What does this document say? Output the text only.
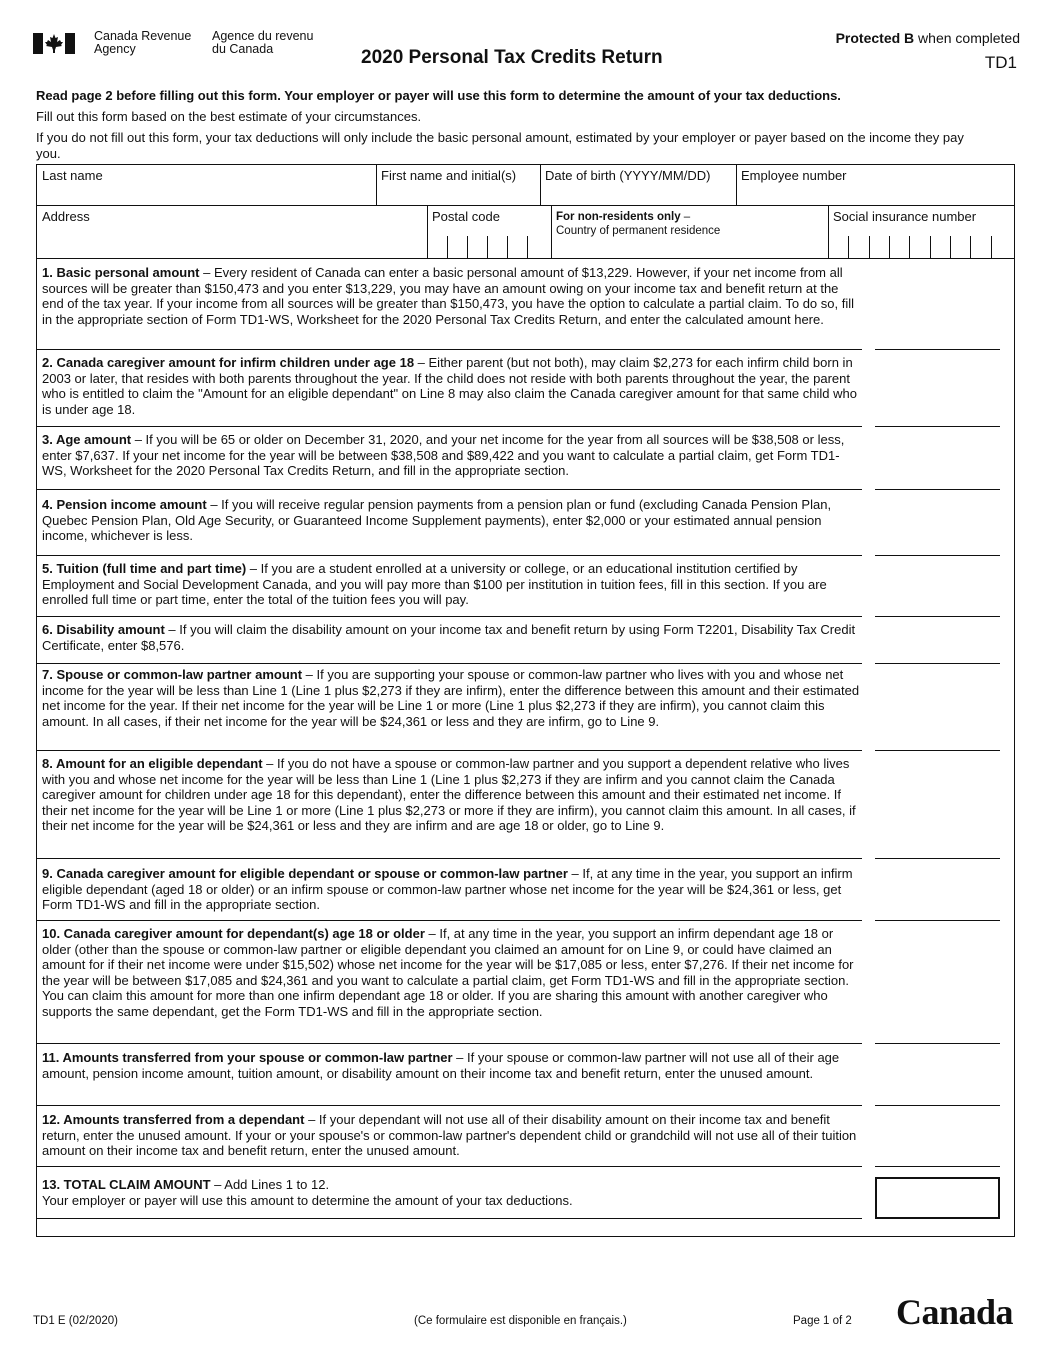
Canada Revenue
Agency
Agence du revenu
du Canada	2020 Personal Tax Credits Return
Protected B when completed
TD1
Read page 2 before filling out this form. Your employer or payer will use this form to determine the amount of your tax deductions.
Fill out this form based on the best estimate of your circumstances.
If you do not fill out this form, your tax deductions will only include the basic personal amount, estimated by your employer or payer based on the income they pay you.
Last name	First name and initial(s)	Date of birth (YYYY/MM/DD)	Employee number
Address	Postal code	For non-residents only –
Country of permanent residence
Social insurance number
1. Basic personal amount – Every resident of Canada can enter a basic personal amount of $13,229. However, if your net income from all sources will be greater than $150,473 and you enter $13,229, you may have an amount owing on your income tax and benefit return at the end of the tax year. If your income from all sources will be greater than $150,473, you have the option to calculate a partial claim. To do so, fill in the appropriate section of Form TD1-WS, Worksheet for the 2020 Personal Tax Credits Return, and enter the calculated amount here.
2. Canada caregiver amount for infirm children under age 18 – Either parent (but not both), may claim $2,273 for each infirm child born in 2003 or later, that resides with both parents throughout the year. If the child does not reside with both parents throughout the year, the parent who is entitled to claim the "Amount for an eligible dependant" on Line 8 may also claim the Canada caregiver amount for that same child who is under age 18.
3. Age amount – If you will be 65 or older on December 31, 2020, and your net income for the year from all sources will be $38,508 or less, enter $7,637. If your net income for the year will be between $38,508 and $89,422 and you want to calculate a partial claim, get Form TD1-WS, Worksheet for the 2020 Personal Tax Credits Return, and fill in the appropriate section.
4. Pension income amount – If you will receive regular pension payments from a pension plan or fund (excluding Canada Pension Plan, Quebec Pension Plan, Old Age Security, or Guaranteed Income Supplement payments), enter $2,000 or your estimated annual pension income, whichever is less.
5. Tuition (full time and part time) – If you are a student enrolled at a university or college, or an educational institution certified by Employment and Social Development Canada, and you will pay more than $100 per institution in tuition fees, fill in this section. If you are enrolled full time or part time, enter the total of the tuition fees you will pay.
6. Disability amount – If you will claim the disability amount on your income tax and benefit return by using Form T2201, Disability Tax Credit Certificate, enter $8,576.
7. Spouse or common-law partner amount – If you are supporting your spouse or common-law partner who lives with you and whose net income for the year will be less than Line 1 (Line 1 plus $2,273 if they are infirm), enter the difference between this amount and their estimated net income for the year. If their net income for the year will be Line 1 or more (Line 1 plus $2,273 if they are infirm), you cannot claim this amount. In all cases, if their net income for the year will be $24,361 or less and they are infirm, go to Line 9.
8. Amount for an eligible dependant – If you do not have a spouse or common-law partner and you support a dependent relative who lives with you and whose net income for the year will be less than Line 1 (Line 1 plus $2,273 if they are infirm and you cannot claim the Canada caregiver amount for children under age 18 for this dependant), enter the difference between this amount and their estimated net income. If their net income for the year will be Line 1 or more (Line 1 plus $2,273 or more if they are infirm), you cannot claim this amount. In all cases, if their net income for the year will be $24,361 or less and they are infirm and are age 18 or older, go to Line 9.
9. Canada caregiver amount for eligible dependant or spouse or common-law partner – If, at any time in the year, you support an infirm eligible dependant (aged 18 or older) or an infirm spouse or common-law partner whose net income for the year will be $24,361 or less, get Form TD1-WS and fill in the appropriate section.
10. Canada caregiver amount for dependant(s) age 18 or older – If, at any time in the year, you support an infirm dependant age 18 or older (other than the spouse or common-law partner or eligible dependant you claimed an amount for on Line 9, or could have claimed an amount for if their net income were under $15,502) whose net income for the year will be $17,085 or less, enter $7,276. If their net income for the year will be between $17,085 and $24,361 and you want to calculate a partial claim, get Form TD1-WS and fill in the appropriate section. You can claim this amount for more than one infirm dependant age 18 or older. If you are sharing this amount with another caregiver who supports the same dependant, get the Form TD1-WS and fill in the appropriate section.
11. Amounts transferred from your spouse or common-law partner – If your spouse or common-law partner will not use all of their age amount, pension income amount, tuition amount, or disability amount on their income tax and benefit return, enter the unused amount.
12. Amounts transferred from a dependant – If your dependant will not use all of their disability amount on their income tax and benefit return, enter the unused amount. If your or your spouse's or common-law partner's dependent child or grandchild will not use all of their tuition amount on their income tax and benefit return, enter the unused amount.
13. TOTAL CLAIM AMOUNT – Add Lines 1 to 12.
Your employer or payer will use this amount to determine the amount of your tax deductions.
TD1 E (02/2020)	(Ce formulaire est disponible en français.)	Page 1 of 2 Canada
